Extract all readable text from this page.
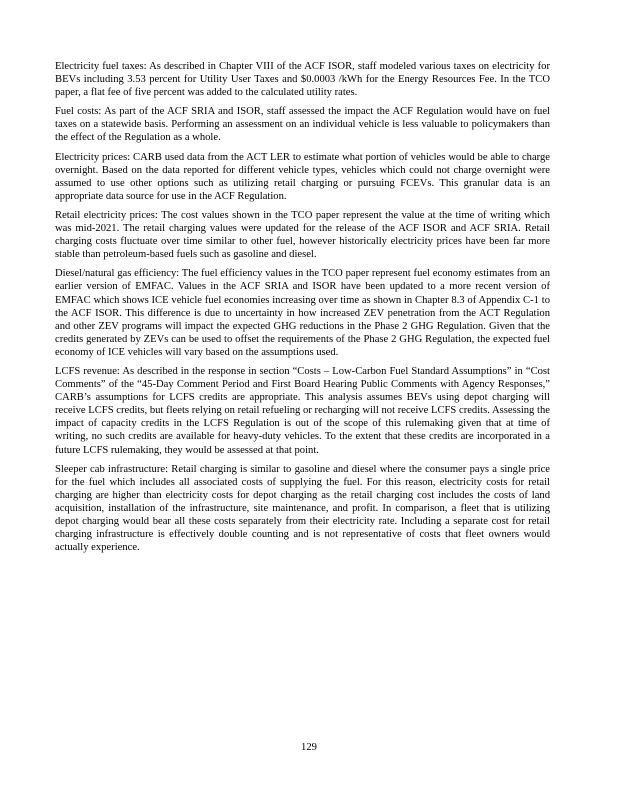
Electricity fuel taxes: As described in Chapter VIII of the ACF ISOR, staff modeled various taxes on electricity for BEVs including 3.53 percent for Utility User Taxes and $0.0003 /kWh for the Energy Resources Fee. In the TCO paper, a flat fee of five percent was added to the calculated utility rates.

Fuel costs: As part of the ACF SRIA and ISOR, staff assessed the impact the ACF Regulation would have on fuel taxes on a statewide basis. Performing an assessment on an individual vehicle is less valuable to policymakers than the effect of the Regulation as a whole.

Electricity prices: CARB used data from the ACT LER to estimate what portion of vehicles would be able to charge overnight. Based on the data reported for different vehicle types, vehicles which could not charge overnight were assumed to use other options such as utilizing retail charging or pursuing FCEVs. This granular data is an appropriate data source for use in the ACF Regulation.

Retail electricity prices: The cost values shown in the TCO paper represent the value at the time of writing which was mid-2021. The retail charging values were updated for the release of the ACF ISOR and ACF SRIA. Retail charging costs fluctuate over time similar to other fuel, however historically electricity prices have been far more stable than petroleum-based fuels such as gasoline and diesel.

Diesel/natural gas efficiency: The fuel efficiency values in the TCO paper represent fuel economy estimates from an earlier version of EMFAC. Values in the ACF SRIA and ISOR have been updated to a more recent version of EMFAC which shows ICE vehicle fuel economies increasing over time as shown in Chapter 8.3 of Appendix C-1 to the ACF ISOR. This difference is due to uncertainty in how increased ZEV penetration from the ACT Regulation and other ZEV programs will impact the expected GHG reductions in the Phase 2 GHG Regulation. Given that the credits generated by ZEVs can be used to offset the requirements of the Phase 2 GHG Regulation, the expected fuel economy of ICE vehicles will vary based on the assumptions used.

LCFS revenue: As described in the response in section “Costs – Low-Carbon Fuel Standard Assumptions” in “Cost Comments” of the “45-Day Comment Period and First Board Hearing Public Comments with Agency Responses,” CARB’s assumptions for LCFS credits are appropriate. This analysis assumes BEVs using depot charging will receive LCFS credits, but fleets relying on retail refueling or recharging will not receive LCFS credits. Assessing the impact of capacity credits in the LCFS Regulation is out of the scope of this rulemaking given that at time of writing, no such credits are available for heavy-duty vehicles. To the extent that these credits are incorporated in a future LCFS rulemaking, they would be assessed at that point.

Sleeper cab infrastructure: Retail charging is similar to gasoline and diesel where the consumer pays a single price for the fuel which includes all associated costs of supplying the fuel. For this reason, electricity costs for retail charging are higher than electricity costs for depot charging as the retail charging cost includes the costs of land acquisition, installation of the infrastructure, site maintenance, and profit. In comparison, a fleet that is utilizing depot charging would bear all these costs separately from their electricity rate. Including a separate cost for retail charging infrastructure is effectively double counting and is not representative of costs that fleet owners would actually experience.

129
